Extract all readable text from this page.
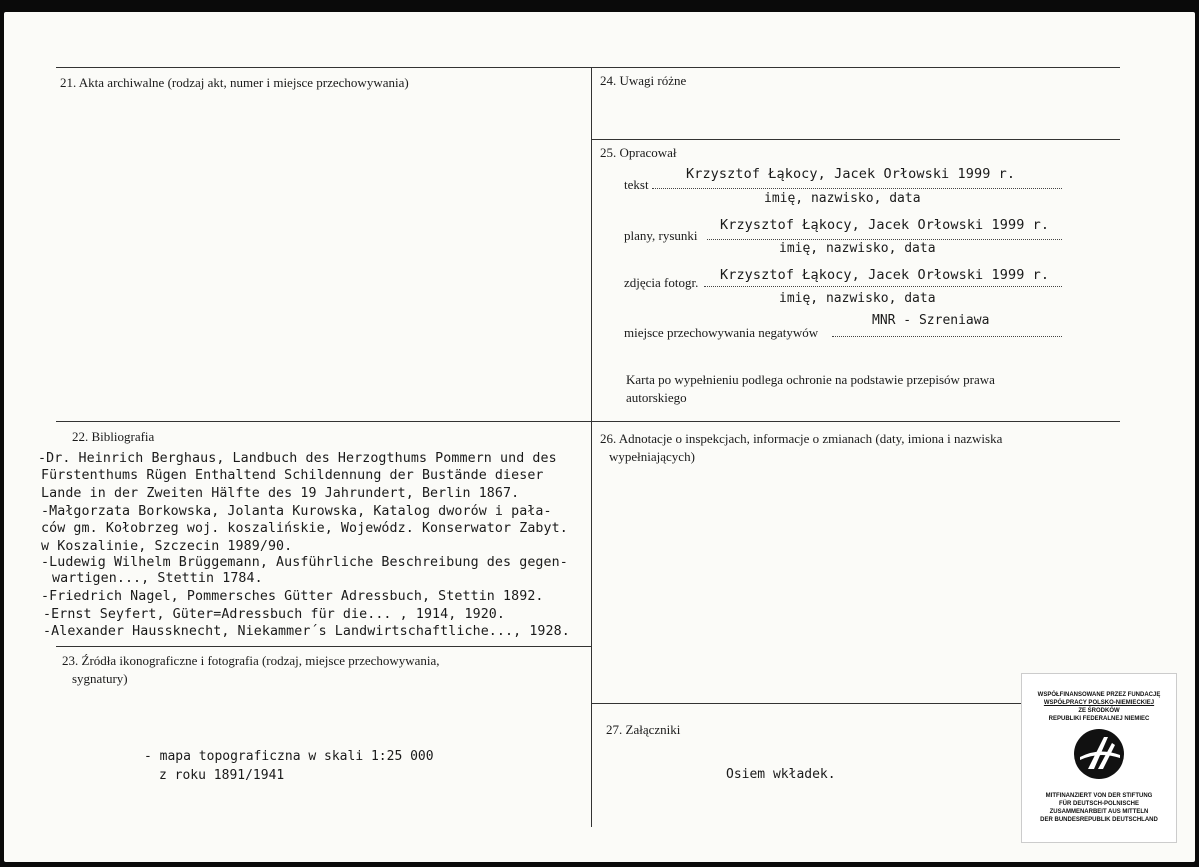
21. Akta archiwalne (rodzaj akt, numer i miejsce przechowywania)
22. Bibliografia
-Dr. Heinrich Berghaus, Landbuch des Herzogthums Pommern und des
Fürstenthums Rügen Enthaltend Schildennung der Bustände dieser
Lande in der Zweiten Hälfte des 19 Jahrundert, Berlin 1867.
-Małgorzata Borkowska, Jolanta Kurowska, Katalog dworów i pała-
ców gm. Kołobrzeg woj. koszalińskie, Wojewódz. Konserwator Zabyt.
w Koszalinie, Szczecin 1989/90.
-Ludewig Wilhelm Brüggemann, Ausführliche Beschreibung des gegen-
wartigen..., Stettin 1784.
-Friedrich Nagel, Pommersches Gütter Adressbuch, Stettin 1892.
-Ernst Seyfert, Güter=Adressbuch für die... , 1914, 1920.
-Alexander Haussknecht, Niekammer´s Landwirtschaftliche..., 1928.
23. Źródła ikonograficzne i fotografia (rodzaj, miejsce przechowywania,
sygnatury)
- mapa topograficzna w skali 1:25 000
z roku 1891/1941
24. Uwagi różne
25. Opracował
tekst
Krzysztof Łąkocy, Jacek Orłowski 1999 r.
imię, nazwisko, data
plany, rysunki
Krzysztof Łąkocy, Jacek Orłowski 1999 r.
imię, nazwisko, data
zdjęcia fotogr. Krzysztof Łąkocy, Jacek Orłowski 1999 r.
imię, nazwisko, data
miejsce przechowywania negatywów
MNR - Szreniawa
Karta po wypełnieniu podlega ochronie na podstawie przepisów prawa
autorskiego
26. Adnotacje o inspekcjach, informacje o zmianach (daty, imiona i nazwiska
wypełniających)
27. Załączniki
Osiem wkładek.
WSPÓŁFINANSOWANE PRZEZ FUNDACJĘ
WSPÓŁPRACY POLSKO-NIEMIECKIEJ
ZE ŚRODKÓW
REPUBLIKI FEDERALNEJ NIEMIEC
MITFINANZIERT VON DER STIFTUNG
FÜR DEUTSCH-POLNISCHE
ZUSAMMENARBEIT AUS MITTELN
DER BUNDESREPUBLIK DEUTSCHLAND
